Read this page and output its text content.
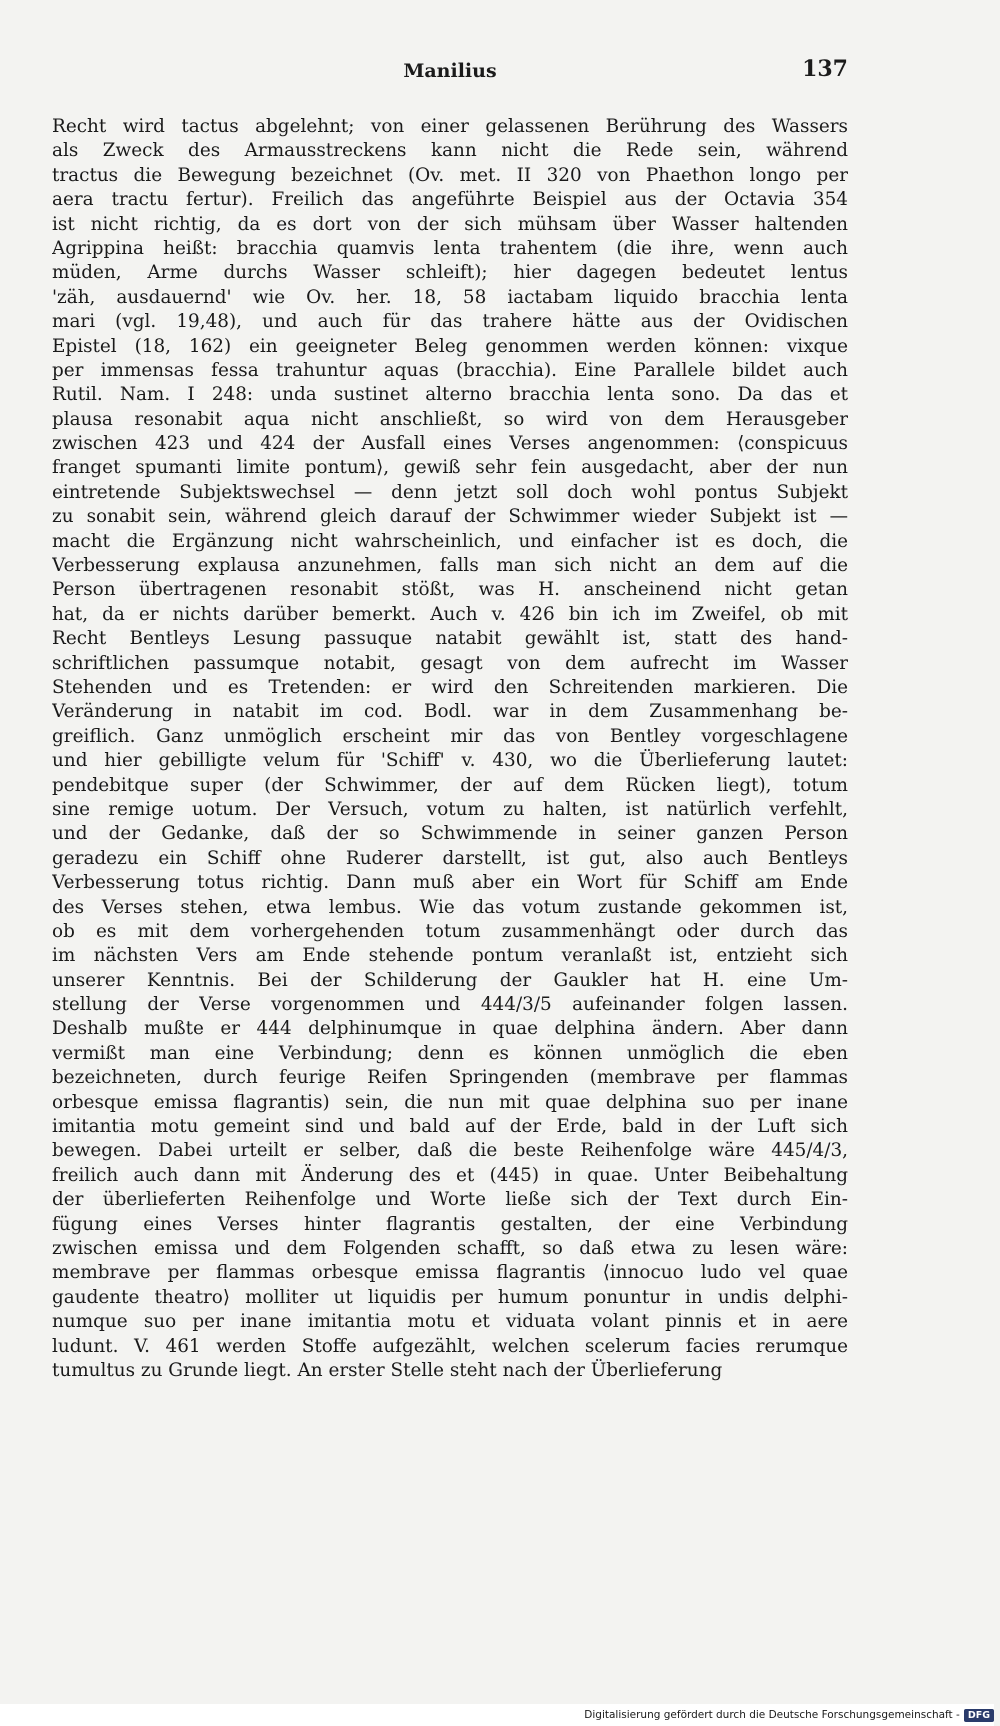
Manilius	137
Recht wird tactus abgelehnt; von einer gelassenen Berührung des Wassers
als Zweck des Armausstreckens kann nicht die Rede sein, während
tractus die Bewegung bezeichnet (Ov. met. II 320 von Phaethon longo per
aera tractu fertur). Freilich das angeführte Beispiel aus der Octavia 354
ist nicht richtig, da es dort von der sich mühsam über Wasser haltenden
Agrippina heißt: bracchia quamvis lenta trahentem (die ihre, wenn auch
müden, Arme durchs Wasser schleift); hier dagegen bedeutet lentus
'zäh, ausdauernd' wie Ov. her. 18, 58 iactabam liquido bracchia lenta
mari (vgl. 19,48), und auch für das trahere hätte aus der Ovidischen
Epistel (18, 162) ein geeigneter Beleg genommen werden können: vixque
per immensas fessa trahuntur aquas (bracchia). Eine Parallele bildet auch
Rutil. Nam. I 248: unda sustinet alterno bracchia lenta sono. Da das et
plausa resonabit aqua nicht anschließt, so wird von dem Herausgeber
zwischen 423 und 424 der Ausfall eines Verses angenommen: ⟨conspicuus
franget spumanti limite pontum⟩, gewiß sehr fein ausgedacht, aber der nun
eintretende Subjektswechsel — denn jetzt soll doch wohl pontus Subjekt
zu sonabit sein, während gleich darauf der Schwimmer wieder Subjekt ist —
macht die Ergänzung nicht wahrscheinlich, und einfacher ist es doch, die
Verbesserung explausa anzunehmen, falls man sich nicht an dem auf die
Person übertragenen resonabit stößt, was H. anscheinend nicht getan
hat, da er nichts darüber bemerkt. Auch v. 426 bin ich im Zweifel, ob mit
Recht Bentleys Lesung passuque natabit gewählt ist, statt des hand-
schriftlichen passumque notabit, gesagt von dem aufrecht im Wasser
Stehenden und es Tretenden: er wird den Schreitenden markieren. Die
Veränderung in natabit im cod. Bodl. war in dem Zusammenhang be-
greiflich. Ganz unmöglich erscheint mir das von Bentley vorgeschlagene
und hier gebilligte velum für 'Schiff' v. 430, wo die Überlieferung lautet:
pendebitque super (der Schwimmer, der auf dem Rücken liegt), totum
sine remige uotum. Der Versuch, votum zu halten, ist natürlich verfehlt,
und der Gedanke, daß der so Schwimmende in seiner ganzen Person
geradezu ein Schiff ohne Ruderer darstellt, ist gut, also auch Bentleys
Verbesserung totus richtig. Dann muß aber ein Wort für Schiff am Ende
des Verses stehen, etwa lembus. Wie das votum zustande gekommen ist,
ob es mit dem vorhergehenden totum zusammenhängt oder durch das
im nächsten Vers am Ende stehende pontum veranlaßt ist, entzieht sich
unserer Kenntnis. Bei der Schilderung der Gaukler hat H. eine Um-
stellung der Verse vorgenommen und 444/3/5 aufeinander folgen lassen.
Deshalb mußte er 444 delphinumque in quae delphina ändern. Aber dann
vermißt man eine Verbindung; denn es können unmöglich die eben
bezeichneten, durch feurige Reifen Springenden (membrave per flammas
orbesque emissa flagrantis) sein, die nun mit quae delphina suo per inane
imitantia motu gemeint sind und bald auf der Erde, bald in der Luft sich
bewegen. Dabei urteilt er selber, daß die beste Reihenfolge wäre 445/4/3,
freilich auch dann mit Änderung des et (445) in quae. Unter Beibehaltung
der überlieferten Reihenfolge und Worte ließe sich der Text durch Ein-
fügung eines Verses hinter flagrantis gestalten, der eine Verbindung
zwischen emissa und dem Folgenden schafft, so daß etwa zu lesen wäre:
membrave per flammas orbesque emissa flagrantis ⟨innocuo ludo vel quae
gaudente theatro⟩ molliter ut liquidis per humum ponuntur in undis delphi-
numque suo per inane imitantia motu et viduata volant pinnis et in aere
ludunt. V. 461 werden Stoffe aufgezählt, welchen scelerum facies rerumque
tumultus zu Grunde liegt. An erster Stelle steht nach der Überlieferung
Digitalisierung gefördert durch die Deutsche Forschungsgemeinschaft - DFG
